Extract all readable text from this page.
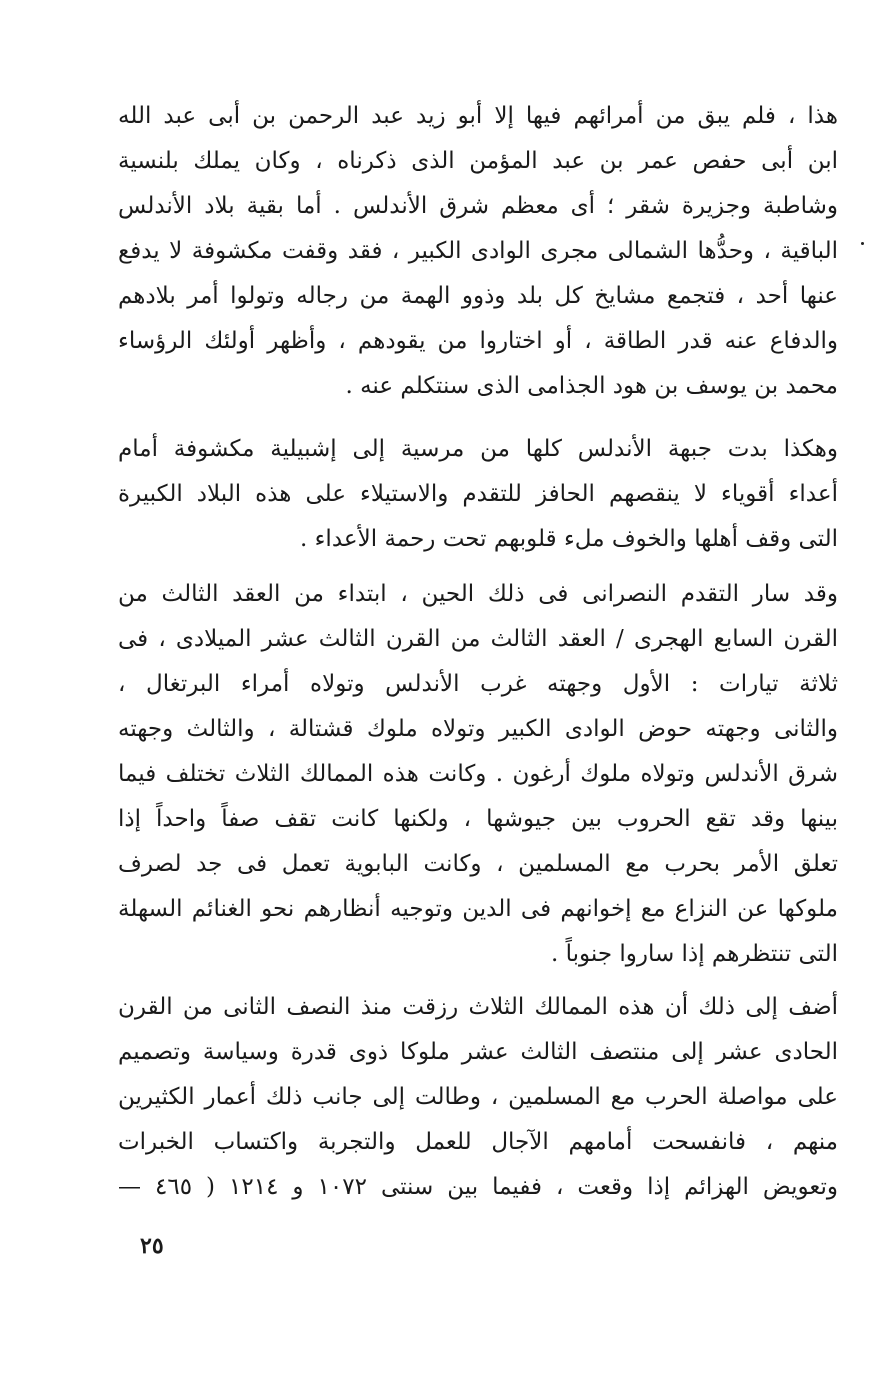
هذا ، فلم يبق من أمرائهم فيها إلا أبو زيد عبد الرحمن بن أبى عبد الله
ابن أبى حفص عمر بن عبد المؤمن الذى ذكرناه ، وكان يملك بلنسية
وشاطبة وجزيرة شقر ؛ أى معظم شرق الأندلس . أما بقية بلاد الأندلس
الباقية ، وحدُّها الشمالى مجرى الوادى الكبير ، فقد وقفت مكشوفة لا يدفع
عنها أحد ، فتجمع مشايخ كل بلد وذوو الهمة من رجاله وتولوا أمر بلادهم
والدفاع عنه قدر الطاقة ، أو اختاروا من يقودهم ، وأظهر أولئك الرؤساء
محمد بن يوسف بن هود الجذامى الذى سنتكلم عنه .
وهكذا بدت جبهة الأندلس كلها من مرسية إلى إشبيلية مكشوفة أمام
أعداء أقوياء لا ينقصهم الحافز للتقدم والاستيلاء على هذه البلاد الكبيرة
التى وقف أهلها والخوف ملء قلوبهم تحت رحمة الأعداء .
وقد سار التقدم النصرانى فى ذلك الحين ، ابتداء من العقد الثالث من
القرن السابع الهجرى / العقد الثالث من القرن الثالث عشر الميلادى ، فى
ثلاثة تيارات : الأول وجهته غرب الأندلس وتولاه أمراء البرتغال ،
والثانى وجهته حوض الوادى الكبير وتولاه ملوك قشتالة ، والثالث وجهته
شرق الأندلس وتولاه ملوك أرغون . وكانت هذه الممالك الثلاث تختلف فيما
بينها وقد تقع الحروب بين جيوشها ، ولكنها كانت تقف صفاً واحداً إذا
تعلق الأمر بحرب مع المسلمين ، وكانت البابوية تعمل فى جد لصرف
ملوكها عن النزاع مع إخوانهم فى الدين وتوجيه أنظارهم نحو الغنائم السهلة
التى تنتظرهم إذا ساروا جنوباً .
أضف إلى ذلك أن هذه الممالك الثلاث رزقت منذ النصف الثانى من القرن
الحادى عشر إلى منتصف الثالث عشر ملوكا ذوى قدرة وسياسة وتصميم
على مواصلة الحرب مع المسلمين ، وطالت إلى جانب ذلك أعمار الكثيرين
منهم ، فانفسحت أمامهم الآجال للعمل والتجربة واكتساب الخبرات
وتعويض الهزائم إذا وقعت ، ففيما بين سنتى ١٠٧٢ و ١٢١٤ ( ٤٦٥ —
٢٥
